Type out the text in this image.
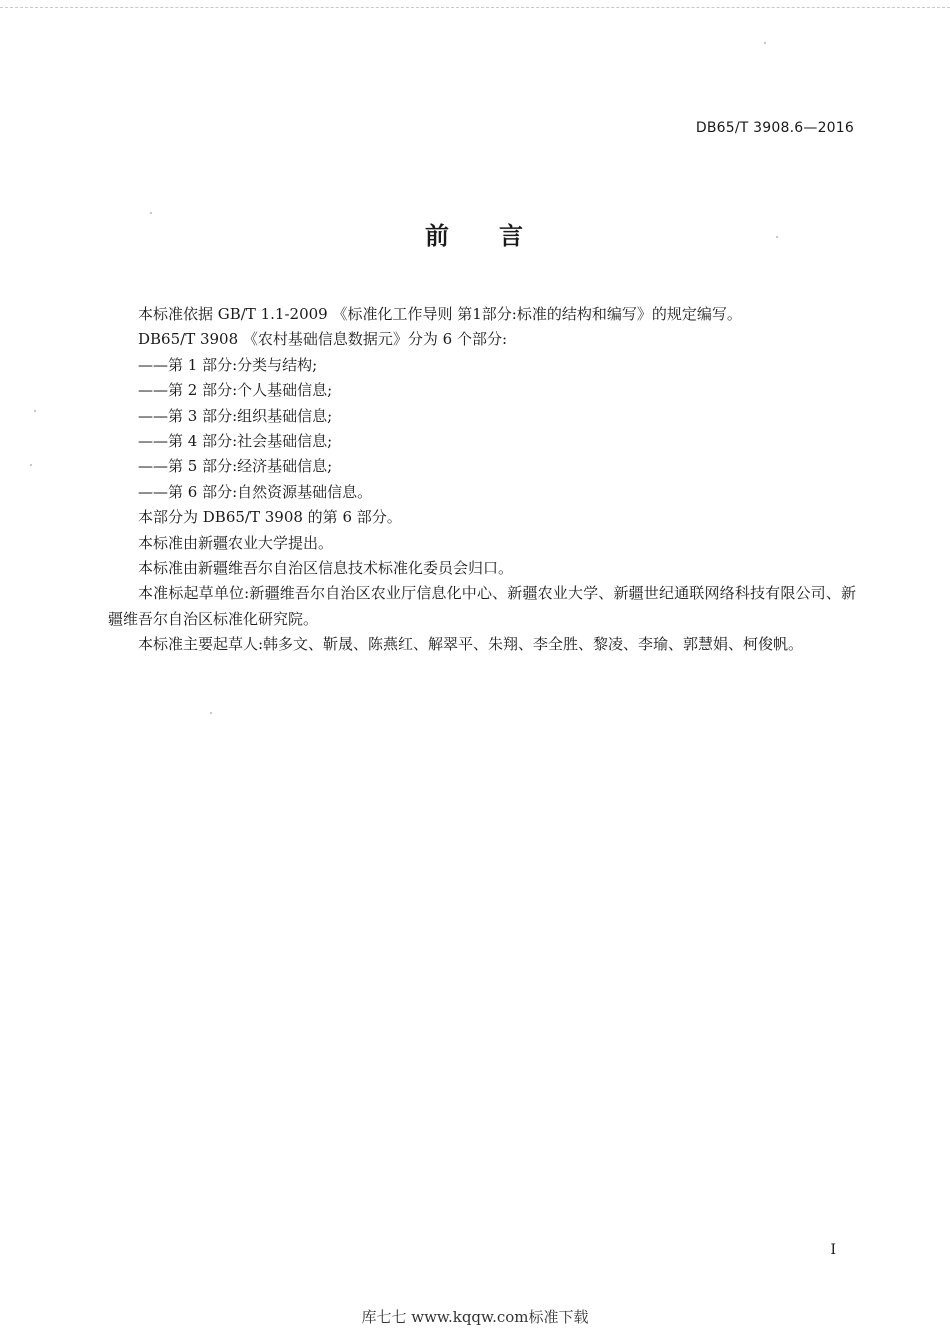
DB65/T 3908.6—2016
前 言

本标准依据 GB/T 1.1-2009 《标准化工作导则 第1部分:标准的结构和编写》的规定编写。

DB65/T 3908 《农村基础信息数据元》分为 6 个部分:

——第 1 部分:分类与结构;

——第 2 部分:个人基础信息;

——第 3 部分:组织基础信息;

——第 4 部分:社会基础信息;

——第 5 部分:经济基础信息;

——第 6 部分:自然资源基础信息。

本部分为 DB65/T 3908 的第 6 部分。

本标准由新疆农业大学提出。

本标准由新疆维吾尔自治区信息技术标准化委员会归口。

本准标起草单位:新疆维吾尔自治区农业厅信息化中心、新疆农业大学、新疆世纪通联网络科技有限公司、新疆维吾尔自治区标准化研究院。

本标准主要起草人:韩多文、靳晟、陈燕红、解翠平、朱翔、李全胜、黎凌、李瑜、郭慧娟、柯俊帆。

I
库七七 www.kqqw.com标准下载
